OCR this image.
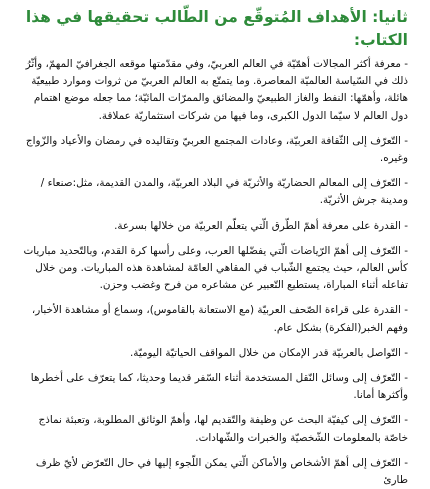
ثانيا: الأهداف المُتوقّع من الطّالب تحقيقها في هذا الكتاب:
- معرفة أكثر المجالات أهمّيّة في العالم العربيّ، وفي مقدّمتها موقعه الجغرافيّ المهمّ، وأثّرُ ذلك في السّياسة العالميّة المعاصرة. وما يتمتّع به العالم العربيّ من ثروات وموارد طبيعيّة هائلة، وأهمّها: النفط والغاز الطبيعيّ والمضائق والممرّات المائيّة؛ مما جعله موضع اهتمام دول العالم لا سيّما الدول الكبرى، وما فيها من شركات استثماريّة عملاقة.
- التّعرّف إلى الثّقافة العربيّة، وعادات المجتمع العربيّ وتقاليده في رمضان والأعياد والزّواج وغيره.
- التّعرّف إلى المعالم الحضاريّة والأثريّة في البلاد العربيّة، والمدن القديمة، مثل:صنعاء / ومدينة جرش الأثريّة.
- القدرة على معرفة أهمّ الطّرق الّتي يتعلّم العربيّة من خلالها بسرعة.
- التّعرّف إلى أهمّ الرّياضات الّتي يفضّلها العرب، وعلى رأسها كرة القدم، وبالتّحديد مباريات كأس العالم، حيث يجتمع الشّباب في المقاهي العامّة لمشاهدة هذه المباريات. ومن خلال تفاعله أثناء المباراة، يستطيع التّعبير عن مشاعره من فرح وغضب وحزن.
- القدرة على قراءة الصّحف العربيّة (مع الاستعانة بالقاموس)، وسماع أو مشاهدة الأخبار، وفهم الخبر(الفكرة) بشكل عام.
- التّواصل بالعربيّة قدر الإمكان من خلال المواقف الحياتيّة اليوميّة.
- التّعرّف إلى وسائل النّقل المستخدمة أثناء السّفر قديما وحديثا، كما يتعرّف على أخطرها وأكثرها أمانا.
- التّعرّف إلى كيفيّة البحث عن وظيفة والتّقديم لها، وأهمّ الوثائق المطلوبة، وتعبئة نماذج خاصّة بالمعلومات الشّخصيّة والخبرات والشّهادات.
- التّعرّف إلى أهمّ الأشخاص والأماكن الّتي يمكن اللّجوء إليها في حال التّعرّض لأيّ ظرف طارئ
